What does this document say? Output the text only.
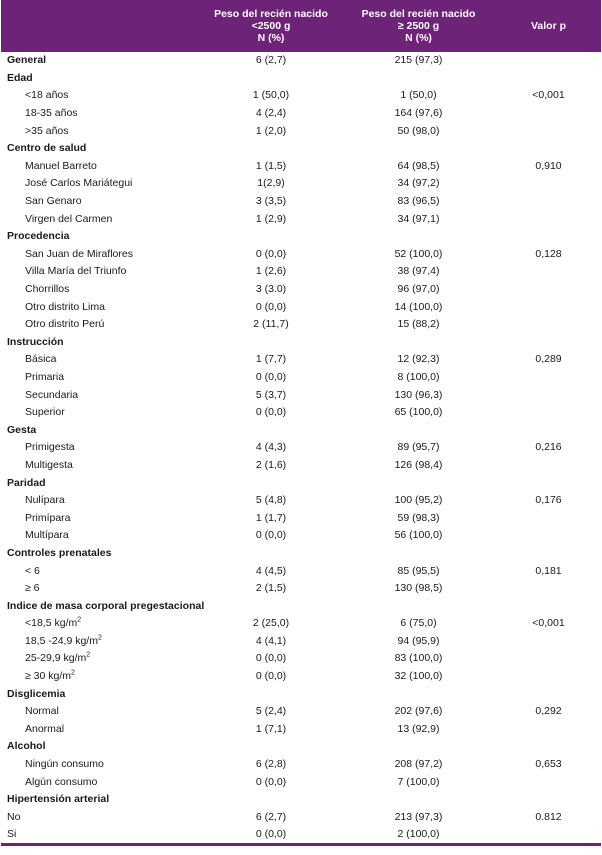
	Peso del recién nacido
<2500 g
N (%)	Peso del recién nacido
≥ 2500 g
N (%)	Valor p
General	6 (2,7)	215 (97,3)	
Edad			
<18 años	1 (50,0)	1 (50,0)	<0,001
18-35 años	4 (2,4)	164 (97,6)	
>35 años	1 (2,0)	50 (98,0)	
Centro de salud			
Manuel Barreto	1 (1,5)	64 (98,5)	0,910
José Carlos Mariátegui	1(2,9)	34 (97,2)	
San Genaro	3 (3,5)	83 (96,5)	
Virgen del Carmen	1 (2,9)	34 (97,1)	
Procedencia			
San Juan de Miraflores	0 (0,0)	52 (100,0)	0,128
Villa María del Triunfo	1 (2,6)	38 (97,4)	
Chorrillos	3 (3.0)	96 (97,0)	
Otro distrito Lima	0 (0,0)	14 (100,0)	
Otro distrito Perú	2 (11,7)	15 (88,2)	
Instrucción			
Básica	1 (7,7)	12 (92,3)	0,289
Primaria	0 (0,0)	8 (100,0)	
Secundaria	5 (3,7)	130 (96,3)	
Superior	0 (0,0)	65 (100,0)	
Gesta			
Primigesta	4 (4,3)	89 (95,7)	0,216
Multigesta	2 (1,6)	126 (98,4)	
Paridad			
Nulípara	5 (4,8)	100 (95,2)	0,176
Primípara	1 (1,7)	59 (98,3)	
Multípara	0 (0,0)	56 (100,0)	
Controles prenatales			
< 6	4 (4,5)	85 (95,5)	0,181
≥ 6	2 (1,5)	130 (98,5)	
Indice de masa corporal pregestacional			
<18,5 $kg/m^2$	2 (25,0)	6 (75,0)	<0,001
18,5 -24,9 $kg/m^2$	4 (4,1)	94 (95,9)	
25-29,9 $kg/m^2$	0 (0,0)	83 (100,0)	
≥ 30 $kg/m^2$	0 (0,0)	32 (100,0)	
Disglicemia			
Normal	5 (2,4)	202 (97,6)	0,292
Anormal	1 (7,1)	13 (92,9)	
Alcohol			
Ningún consumo	6 (2,8)	208 (97,2)	0,653
Algún consumo	0 (0,0)	7 (100,0)	
Hipertensión arterial			
No	6 (2,7)	213 (97,3)	0.812
Si	0 (0,0)	2 (100,0)	
